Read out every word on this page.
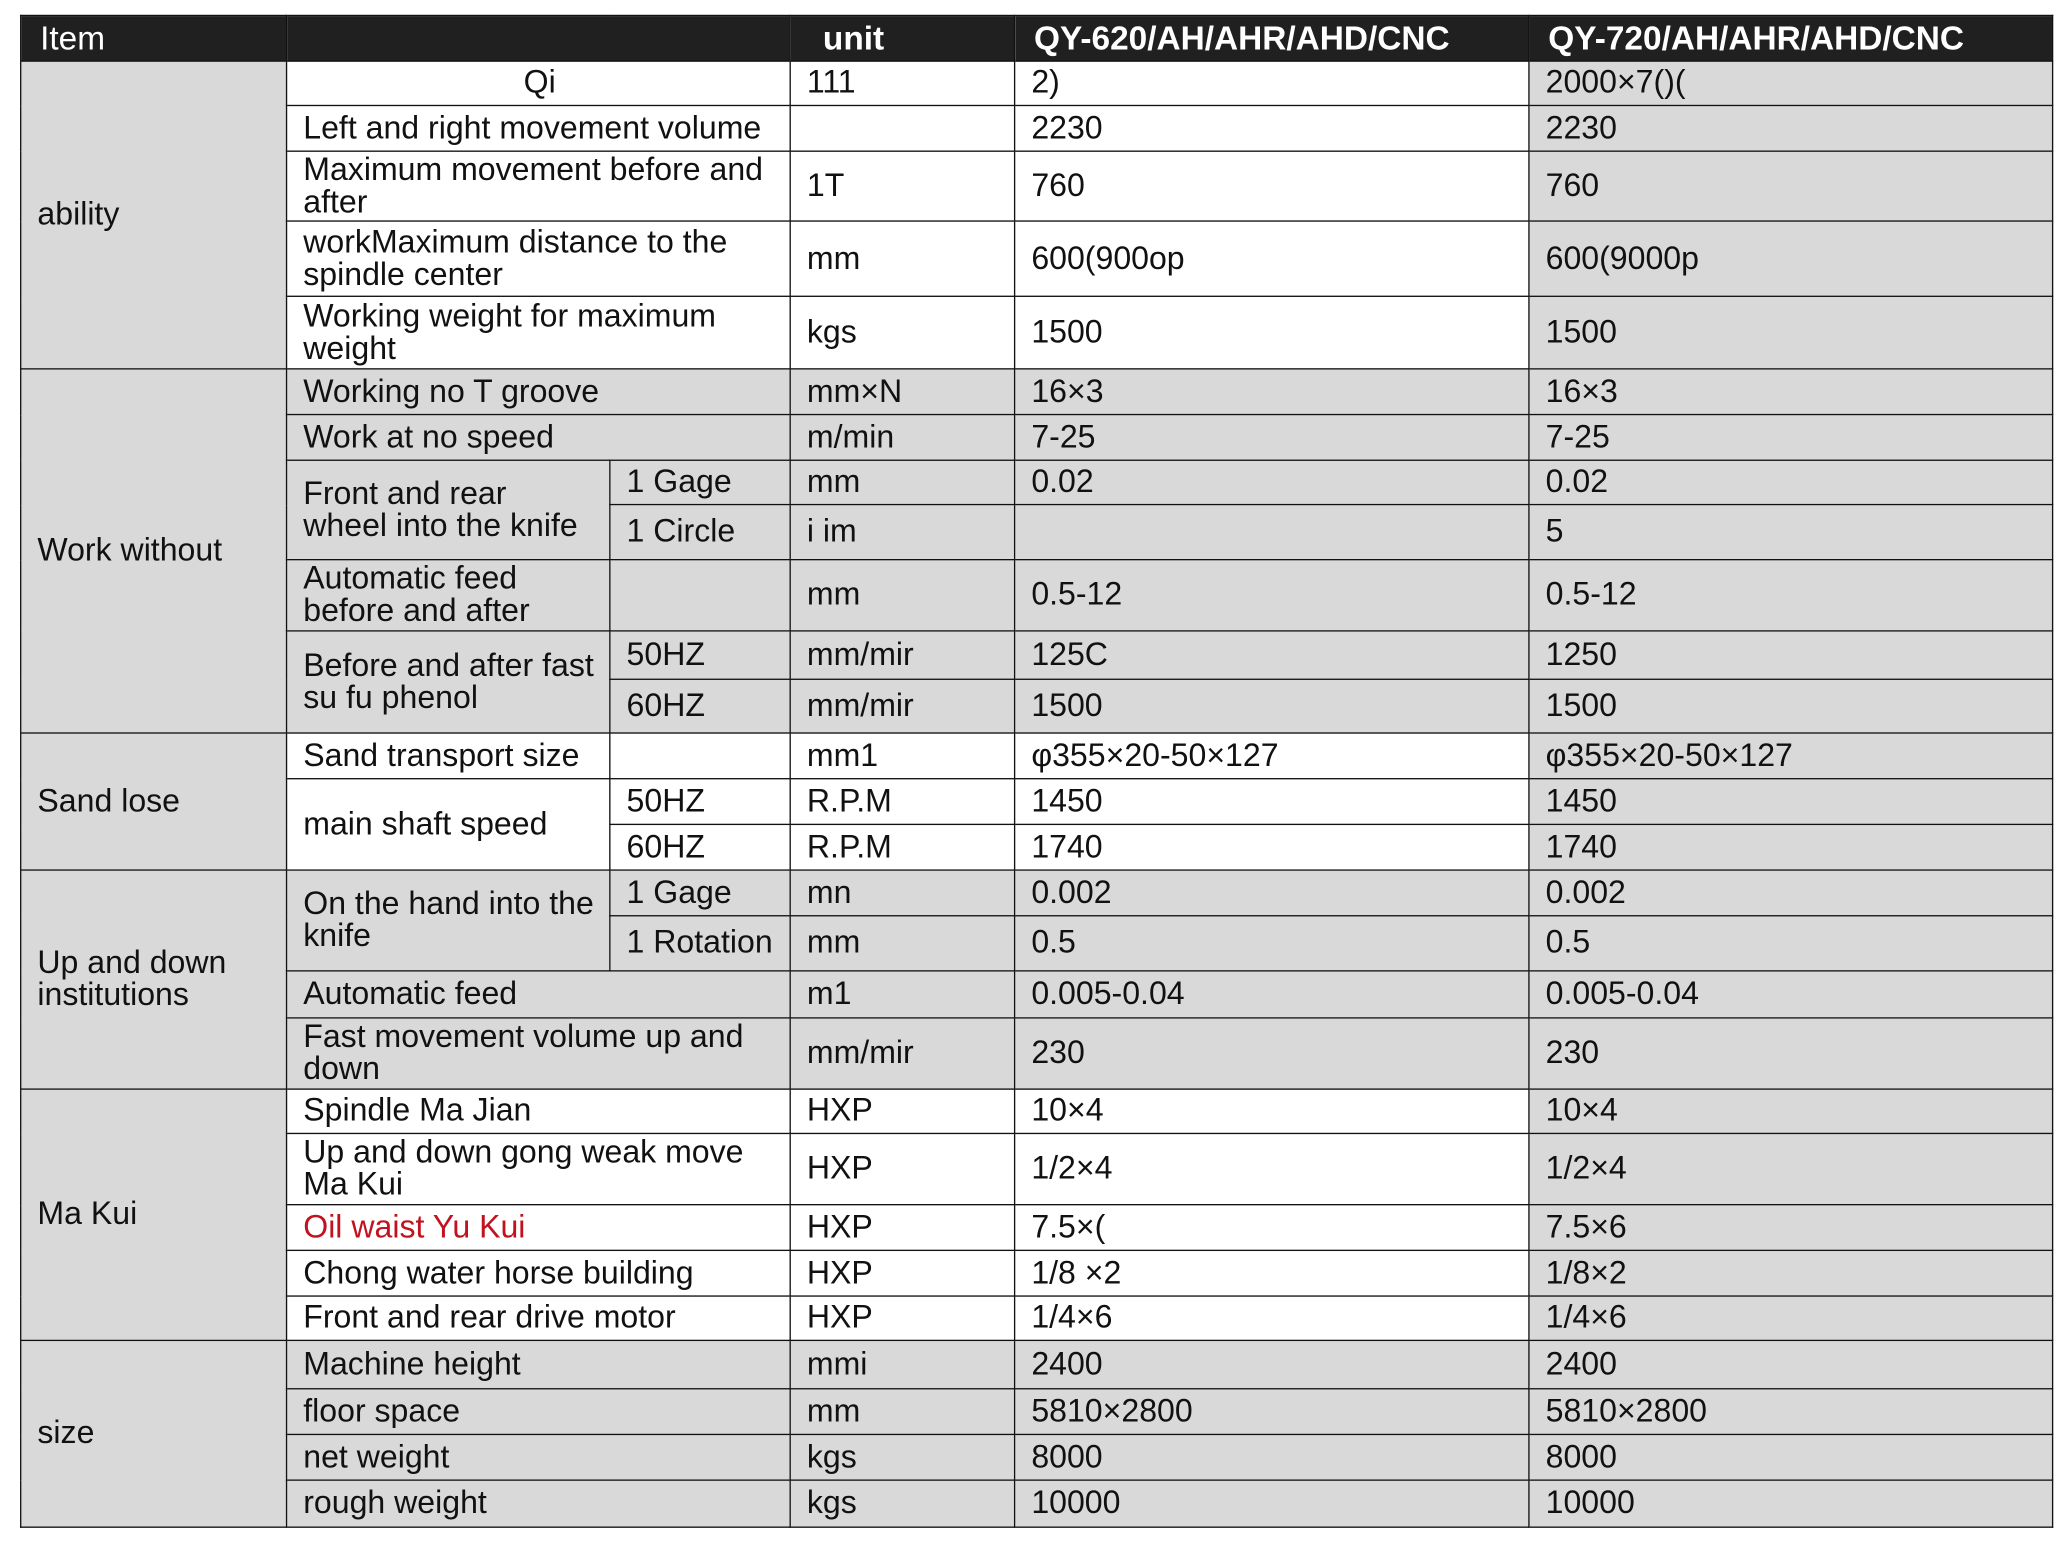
Item			unit	QY-620/AH/AHR/AHD/CNC	QY-720/AH/AHR/AHD/CNC
ability	Qi		111	2)	2000×7()(
	Left and right movement volume			2230	2230
	Maximum movement before and after		1T	760	760
	workMaximum distance to the spindle center		mm	600(900op	600(9000p
	Working weight for maximum weight		kgs	1500	1500
Work without	Working no T groove		mm×N	16×3	16×3
	Work at no speed		m/min	7-25	7-25
	Front and rear wheel into the knife	1 Gage	mm	0.02	0.02
		1 Circle	i im		5
	Automatic feed before and after		mm	0.5-12	0.5-12
	Before and after fast su fu phenol	50HZ	mm/mir	125C	1250
		60HZ	mm/mir	1500	1500
Sand lose	Sand transport size		mm1	φ355×20-50×127	φ355×20-50×127
	main shaft speed	50HZ	R.P.M	1450	1450
		60HZ	R.P.M	1740	1740
Up and down institutions	On the hand into the knife	1 Gage	mn	0.002	0.002
		1 Rotation	mm	0.5	0.5
	Automatic feed		m1	0.005-0.04	0.005-0.04
	Fast movement volume up and down		mm/mir	230	230
Ma Kui	Spindle Ma Jian		HXP	10×4	10×4
	Up and down gong weak move Ma Kui		HXP	1/2×4	1/2×4
	Oil waist Yu Kui		HXP	7.5×(	7.5×6
	Chong water horse building		HXP	1/8 ×2	1/8×2
	Front and rear drive motor		HXP	1/4×6	1/4×6
size	Machine height		mmi	2400	2400
	floor space		mm	5810×2800	5810×2800
	net weight		kgs	8000	8000
	rough weight		kgs	10000	10000
